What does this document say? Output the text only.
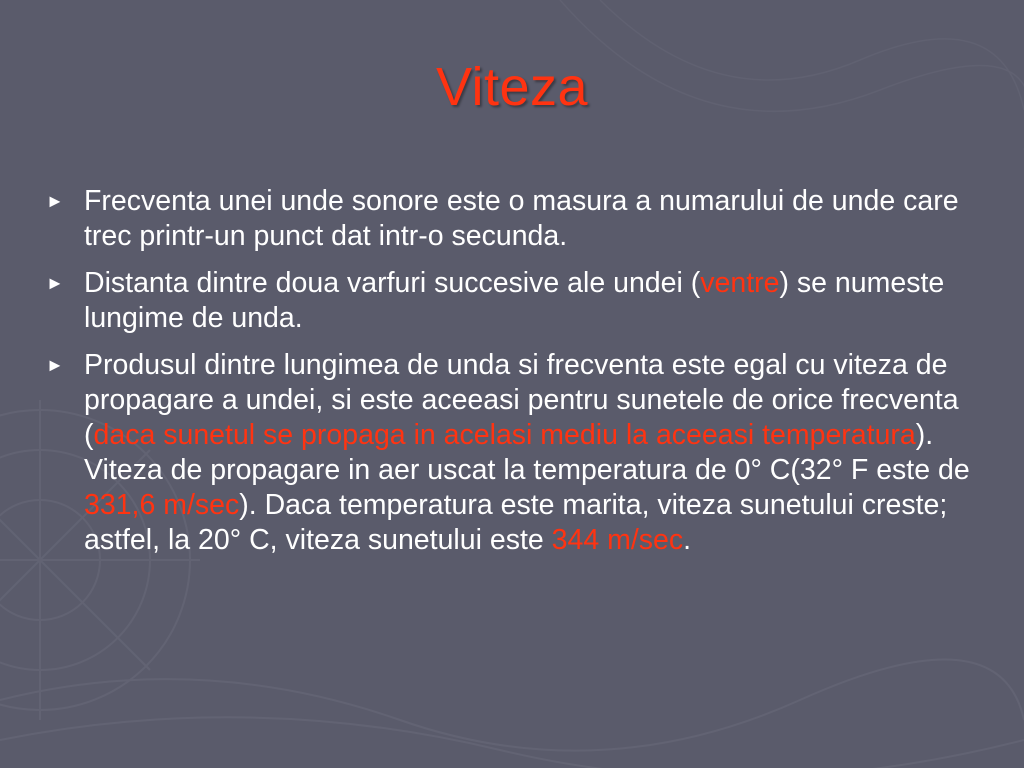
Viteza
► Frecventa unei unde sonore este o masura a numarului de unde care trec printr-un punct dat intr-o secunda.
► Distanta dintre doua varfuri succesive ale undei (ventre) se numeste lungime de unda.
► Produsul dintre lungimea de unda si frecventa este egal cu viteza de propagare a undei, si este aceeasi pentru sunetele de orice frecventa (daca sunetul se propaga in acelasi mediu la aceeasi temperatura). Viteza de propagare in aer uscat la temperatura de 0° C(32° F este de 331,6 m/sec). Daca temperatura este marita, viteza sunetului creste; astfel, la 20° C, viteza sunetului este 344 m/sec.
